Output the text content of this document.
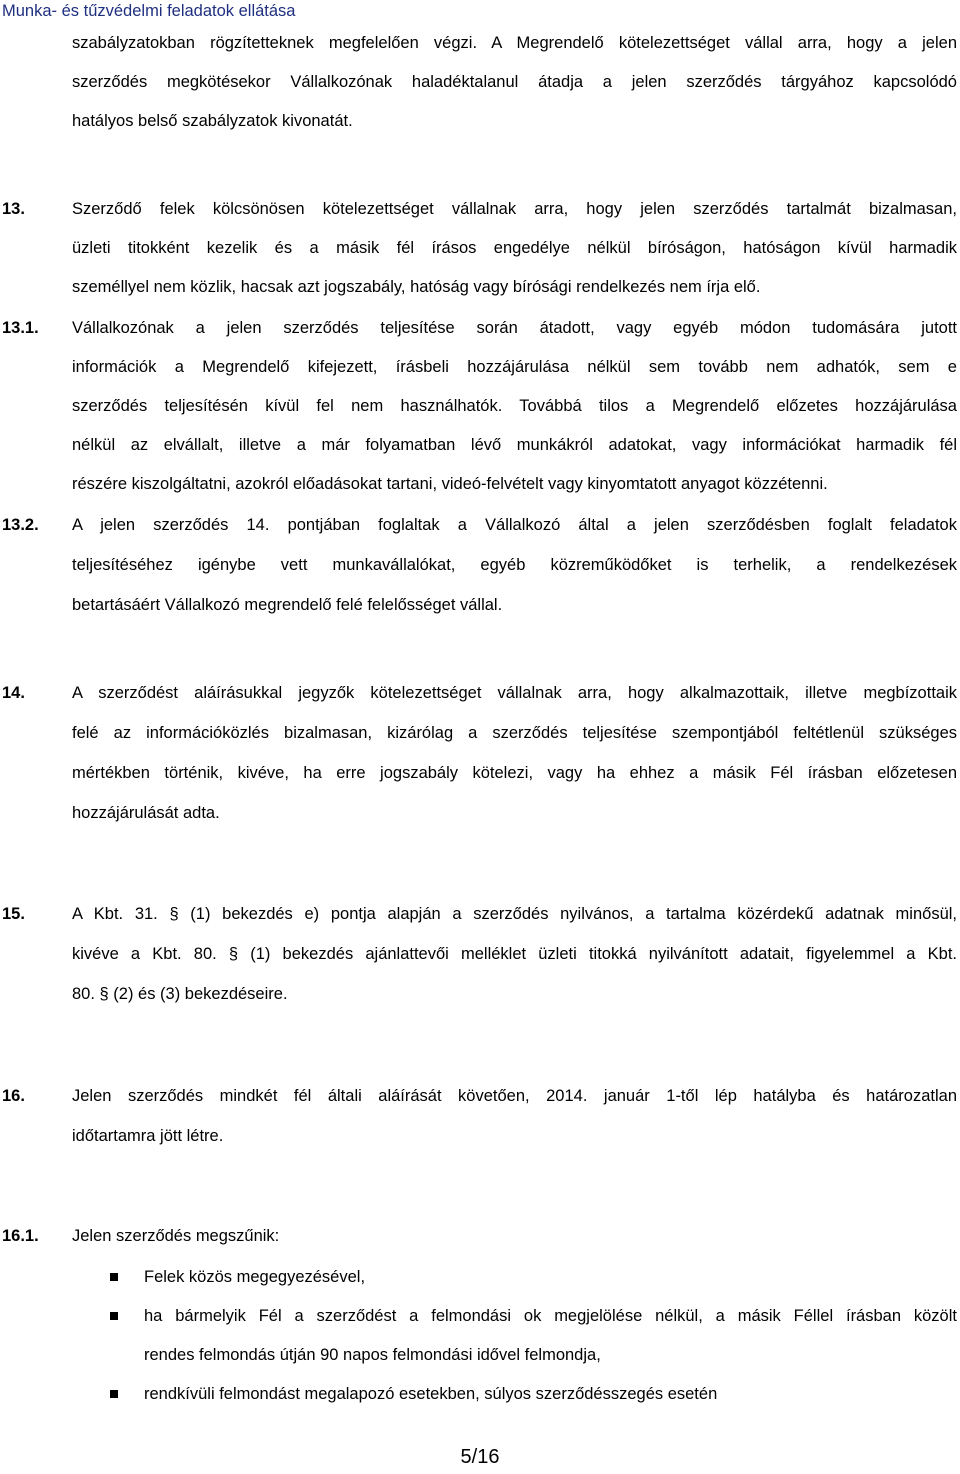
Munka- és tűzvédelmi feladatok ellátása
szabályzatokban rögzítetteknek megfelelően végzi. A Megrendelő kötelezettséget vállal arra, hogy a jelen
szerződés megkötésekor Vállalkozónak haladéktalanul átadja a jelen szerződés tárgyához kapcsolódó
hatályos belső szabályzatok kivonatát.
13.	Szerződő felek kölcsönösen kötelezettséget vállalnak arra, hogy jelen szerződés tartalmát bizalmasan,
üzleti titokként kezelik és a másik fél írásos engedélye nélkül bíróságon, hatóságon kívül harmadik
személlyel nem közlik, hacsak azt jogszabály, hatóság vagy bírósági rendelkezés nem írja elő.
13.1. Vállalkozónak a jelen szerződés teljesítése során átadott, vagy egyéb módon tudomására jutott
információk a Megrendelő kifejezett, írásbeli hozzájárulása nélkül sem tovább nem adhatók, sem e
szerződés teljesítésén kívül fel nem használhatók. Továbbá tilos a Megrendelő előzetes hozzájárulása
nélkül az elvállalt, illetve a már folyamatban lévő munkákról adatokat, vagy információkat harmadik fél
részére kiszolgáltatni, azokról előadásokat tartani, videó-felvételt vagy kinyomtatott anyagot közzétenni.
13.2. A jelen szerződés 14. pontjában foglaltak a Vállalkozó által a jelen szerződésben foglalt feladatok
teljesítéséhez igénybe vett munkavállalókat, egyéb közreműködőket is terhelik, a rendelkezések
betartásáért Vállalkozó megrendelő felé felelősséget vállal.
14.	A szerződést aláírásukkal jegyzők kötelezettséget vállalnak arra, hogy alkalmazottaik, illetve megbízottaik
felé az információközlés bizalmasan, kizárólag a szerződés teljesítése szempontjából feltétlenül szükséges
mértékben történik, kivéve, ha erre jogszabály kötelezi, vagy ha ehhez a másik Fél írásban előzetesen
hozzájárulását adta.
15.	A Kbt. 31. § (1) bekezdés e) pontja alapján a szerződés nyilvános, a tartalma közérdekű adatnak minősül,
kivéve a Kbt. 80. § (1) bekezdés ajánlattevői melléklet üzleti titokká nyilvánított adatait, figyelemmel a Kbt.
80. § (2) és (3) bekezdéseire.
16.	Jelen szerződés mindkét fél általi aláírását követően, 2014. január 1-től lép hatályba és határozatlan
időtartamra jött létre.
16.1. Jelen szerződés megszűnik:
Felek közös megegyezésével,
ha bármelyik Fél a szerződést a felmondási ok megjelölése nélkül, a másik Féllel írásban közölt
rendes felmondás útján 90 napos felmondási idővel felmondja,
rendkívüli felmondást megalapozó esetekben, súlyos szerződésszegés esetén
5/16
